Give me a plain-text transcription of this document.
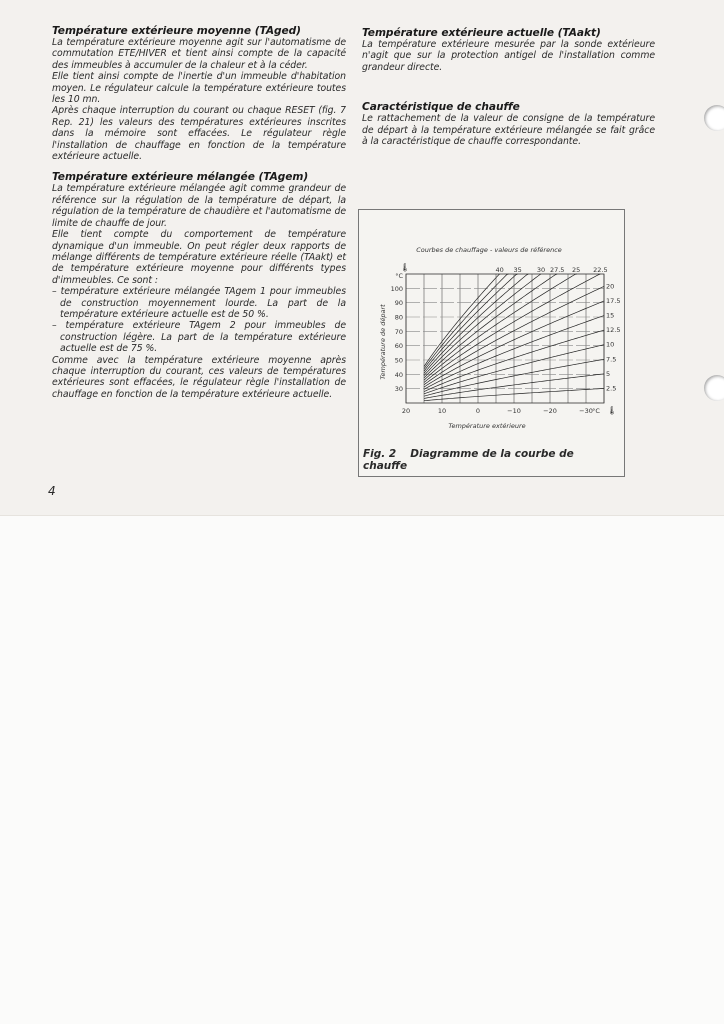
Température extérieure moyenne (TAged)

La température extérieure moyenne agit sur l'automatisme de commutation ETE/HIVER et tient ainsi compte de la capacité des immeubles à accumuler de la chaleur et à la céder.

Elle tient ainsi compte de l'inertie d'un immeuble d'habitation moyen. Le régulateur calcule la température extérieure toutes les 10 mn.

Après chaque interruption du courant ou chaque RESET (fig. 7 Rep. 21) les valeurs des températures extérieures inscrites dans la mémoire sont effacées. Le régulateur règle l'installation de chauffage en fonction de la température extérieure actuelle.

Température extérieure mélangée (TAgem)

La température extérieure mélangée agit comme grandeur de référence sur la régulation de la température de départ, la régulation de la température de chaudière et l'automatisme de limite de chauffe de jour.

Elle tient compte du comportement de température dynamique d'un immeuble. On peut régler deux rapports de mélange différents de température extérieure réelle (TAakt) et de température extérieure moyenne pour différents types d'immeubles. Ce sont :

– température extérieure mélangée TAgem 1 pour immeubles de construction moyennement lourde. La part de la température extérieure actuelle est de 50 %.

– température extérieure TAgem 2 pour immeubles de construction légère. La part de la température extérieure actuelle est de 75 %.

Comme avec la température extérieure moyenne après chaque interruption du courant, ces valeurs de températures extérieures sont effacées, le régulateur règle l'installation de chauffage en fonction de la température extérieure actuelle.

4
Température extérieure actuelle (TAakt)

La température extérieure mesurée par la sonde extérieure n'agit que sur la protection antigel de l'installation comme grandeur directe.

Caractéristique de chauffe

Le rattachement de la valeur de consigne de la température de départ à la température extérieure mélangée se fait grâce à la caractéristique de chauffe correspondante.

Courbes de chauffage - valeurs de référence
Température extérieure
Température de départ
20	10	0	−10	−20	−30
100
90
80
70
60
50
40
30
°C
°C
🌡
🌡
40 35 30 27.5 25 22.5
20
17.5
15
12.5
10
7.5
5
2.5
Fig. 2 Diagramme de la courbe de chauffe
